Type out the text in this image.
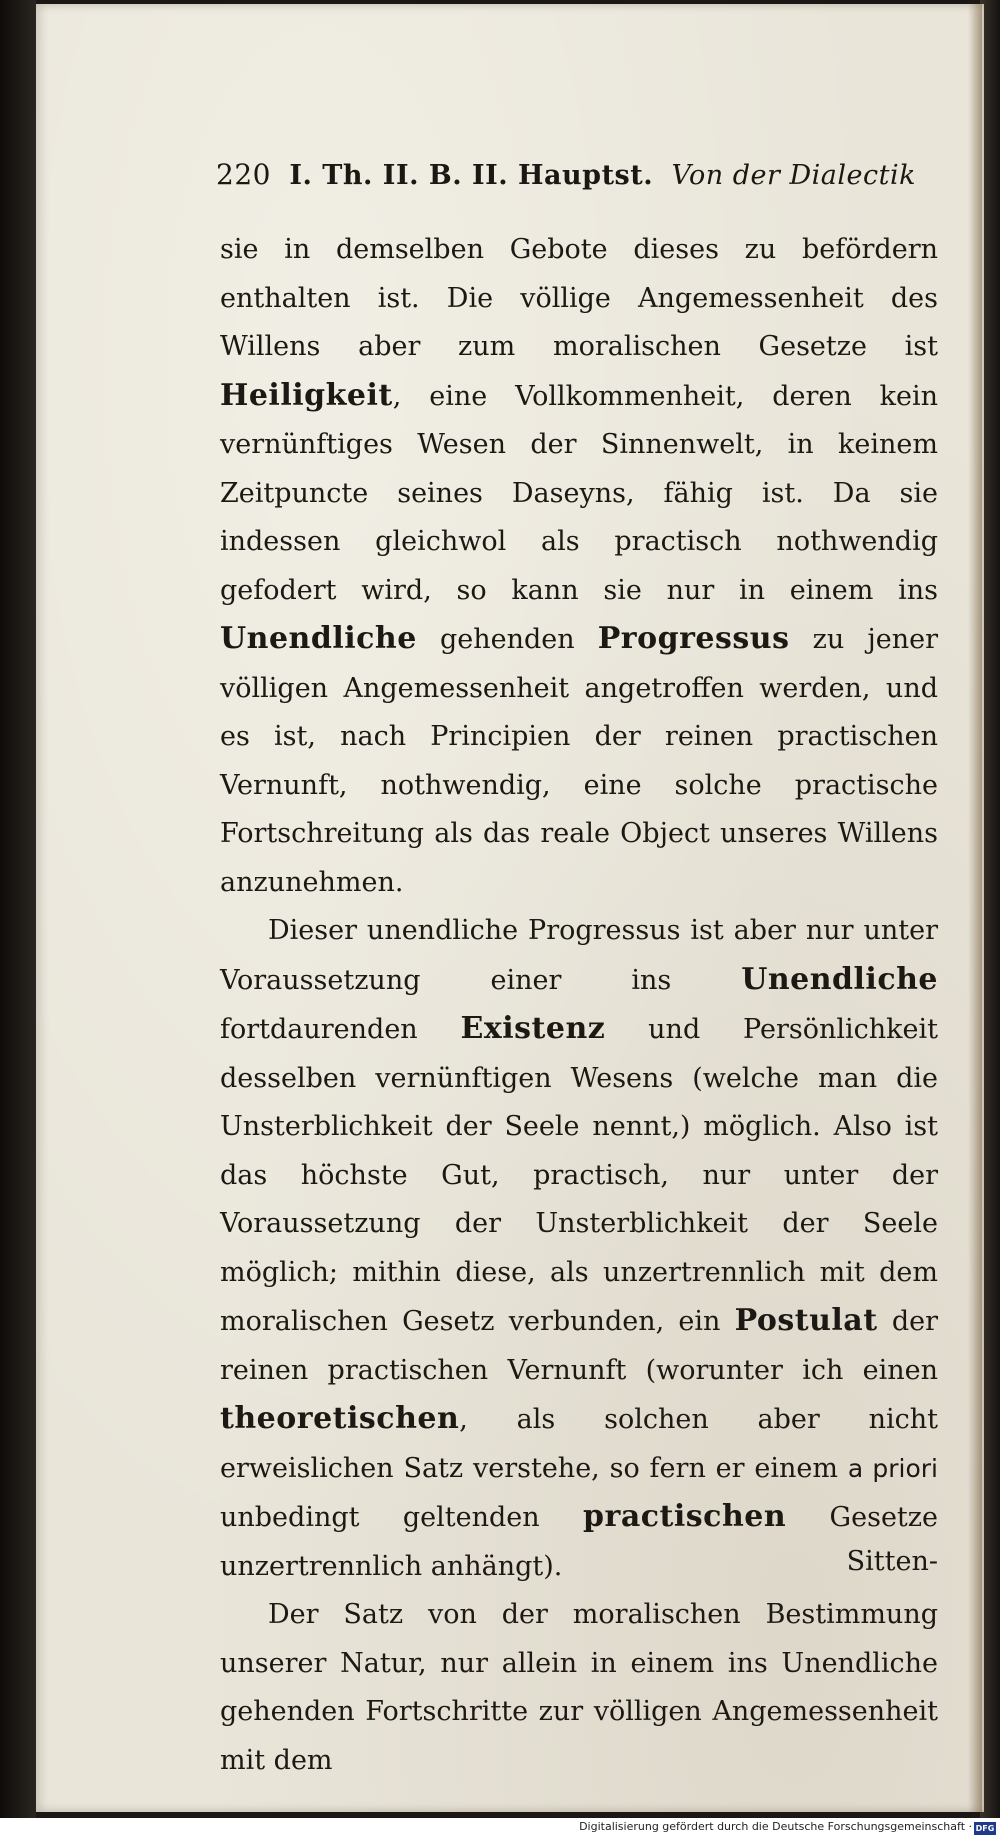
220 I. Th. II. B. II. Hauptst. Von der Dialectik

sie in demselben Gebote dieses zu befördern enthalten ist. Die völlige Angemessenheit des Willens aber zum moralischen Gesetze ist Heiligkeit, eine Vollkommenheit, deren kein vernünftiges Wesen der Sinnenwelt, in keinem Zeitpuncte seines Daseyns, fähig ist. Da sie indessen gleichwol als practisch nothwendig gefodert wird, so kann sie nur in einem ins Unendliche gehenden Progressus zu jener völligen Angemessenheit angetroffen werden, und es ist, nach Principien der reinen practischen Vernunft, nothwendig, eine solche practische Fortschreitung als das reale Object unseres Willens anzunehmen.

Dieser unendliche Progressus ist aber nur unter Voraussetzung einer ins Unendliche fortdaurenden Existenz und Persönlichkeit desselben vernünftigen Wesens (welche man die Unsterblichkeit der Seele nennt,) möglich. Also ist das höchste Gut, practisch, nur unter der Voraussetzung der Unsterblichkeit der Seele möglich; mithin diese, als unzertrennlich mit dem moralischen Gesetz verbunden, ein Postulat der reinen practischen Vernunft (worunter ich einen theoretischen, als solchen aber nicht erweislichen Satz verstehe, so fern er einem a priori unbedingt geltenden practischen Gesetze unzertrennlich anhängt).

Der Satz von der moralischen Bestimmung unserer Natur, nur allein in einem ins Unendliche gehenden Fortschritte zur völligen Angemessenheit mit dem

Sitten-
Digitalisierung gefördert durch die Deutsche Forschungsgemeinschaft · DFG
